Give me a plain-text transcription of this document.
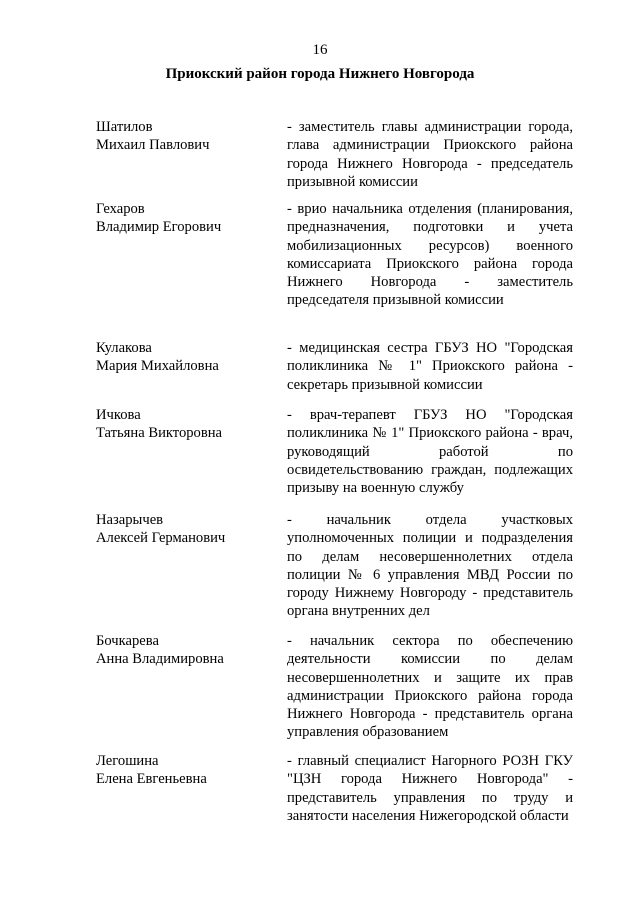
16
Приокский район города Нижнего Новгорода
Шатилов
Михаил Павлович
- заместитель главы администрации города, глава администрации Приокского района города Нижнего Новгорода - председатель призывной комиссии
Гехаров
Владимир Егорович
- врио начальника отделения (планирования, предназначения, подготовки и учета мобилизационных ресурсов) военного комиссариата Приокского района города Нижнего Новгорода - заместитель председателя призывной комиссии
Кулакова
Мария Михайловна
- медицинская сестра ГБУЗ НО "Городская поликлиника № 1" Приокского района - секретарь призывной комиссии
Ичкова
Татьяна Викторовна
- врач-терапевт ГБУЗ НО "Городская поликлиника № 1" Приокского района - врач, руководящий работой по освидетельствованию граждан, подлежащих призыву на военную службу
Назарычев
Алексей Германович
- начальник отдела участковых уполномоченных полиции и подразделения по делам несовершеннолетних отдела полиции № 6 управления МВД России по городу Нижнему Новгороду - представитель органа внутренних дел
Бочкарева
Анна Владимировна
- начальник сектора по обеспечению деятельности комиссии по делам несовершеннолетних и защите их прав администрации Приокского района города Нижнего Новгорода - представитель органа управления образованием
Легошина
Елена Евгеньевна
- главный специалист Нагорного РОЗН ГКУ "ЦЗН города Нижнего Новгорода" - представитель управления по труду и занятости населения Нижегородской области
